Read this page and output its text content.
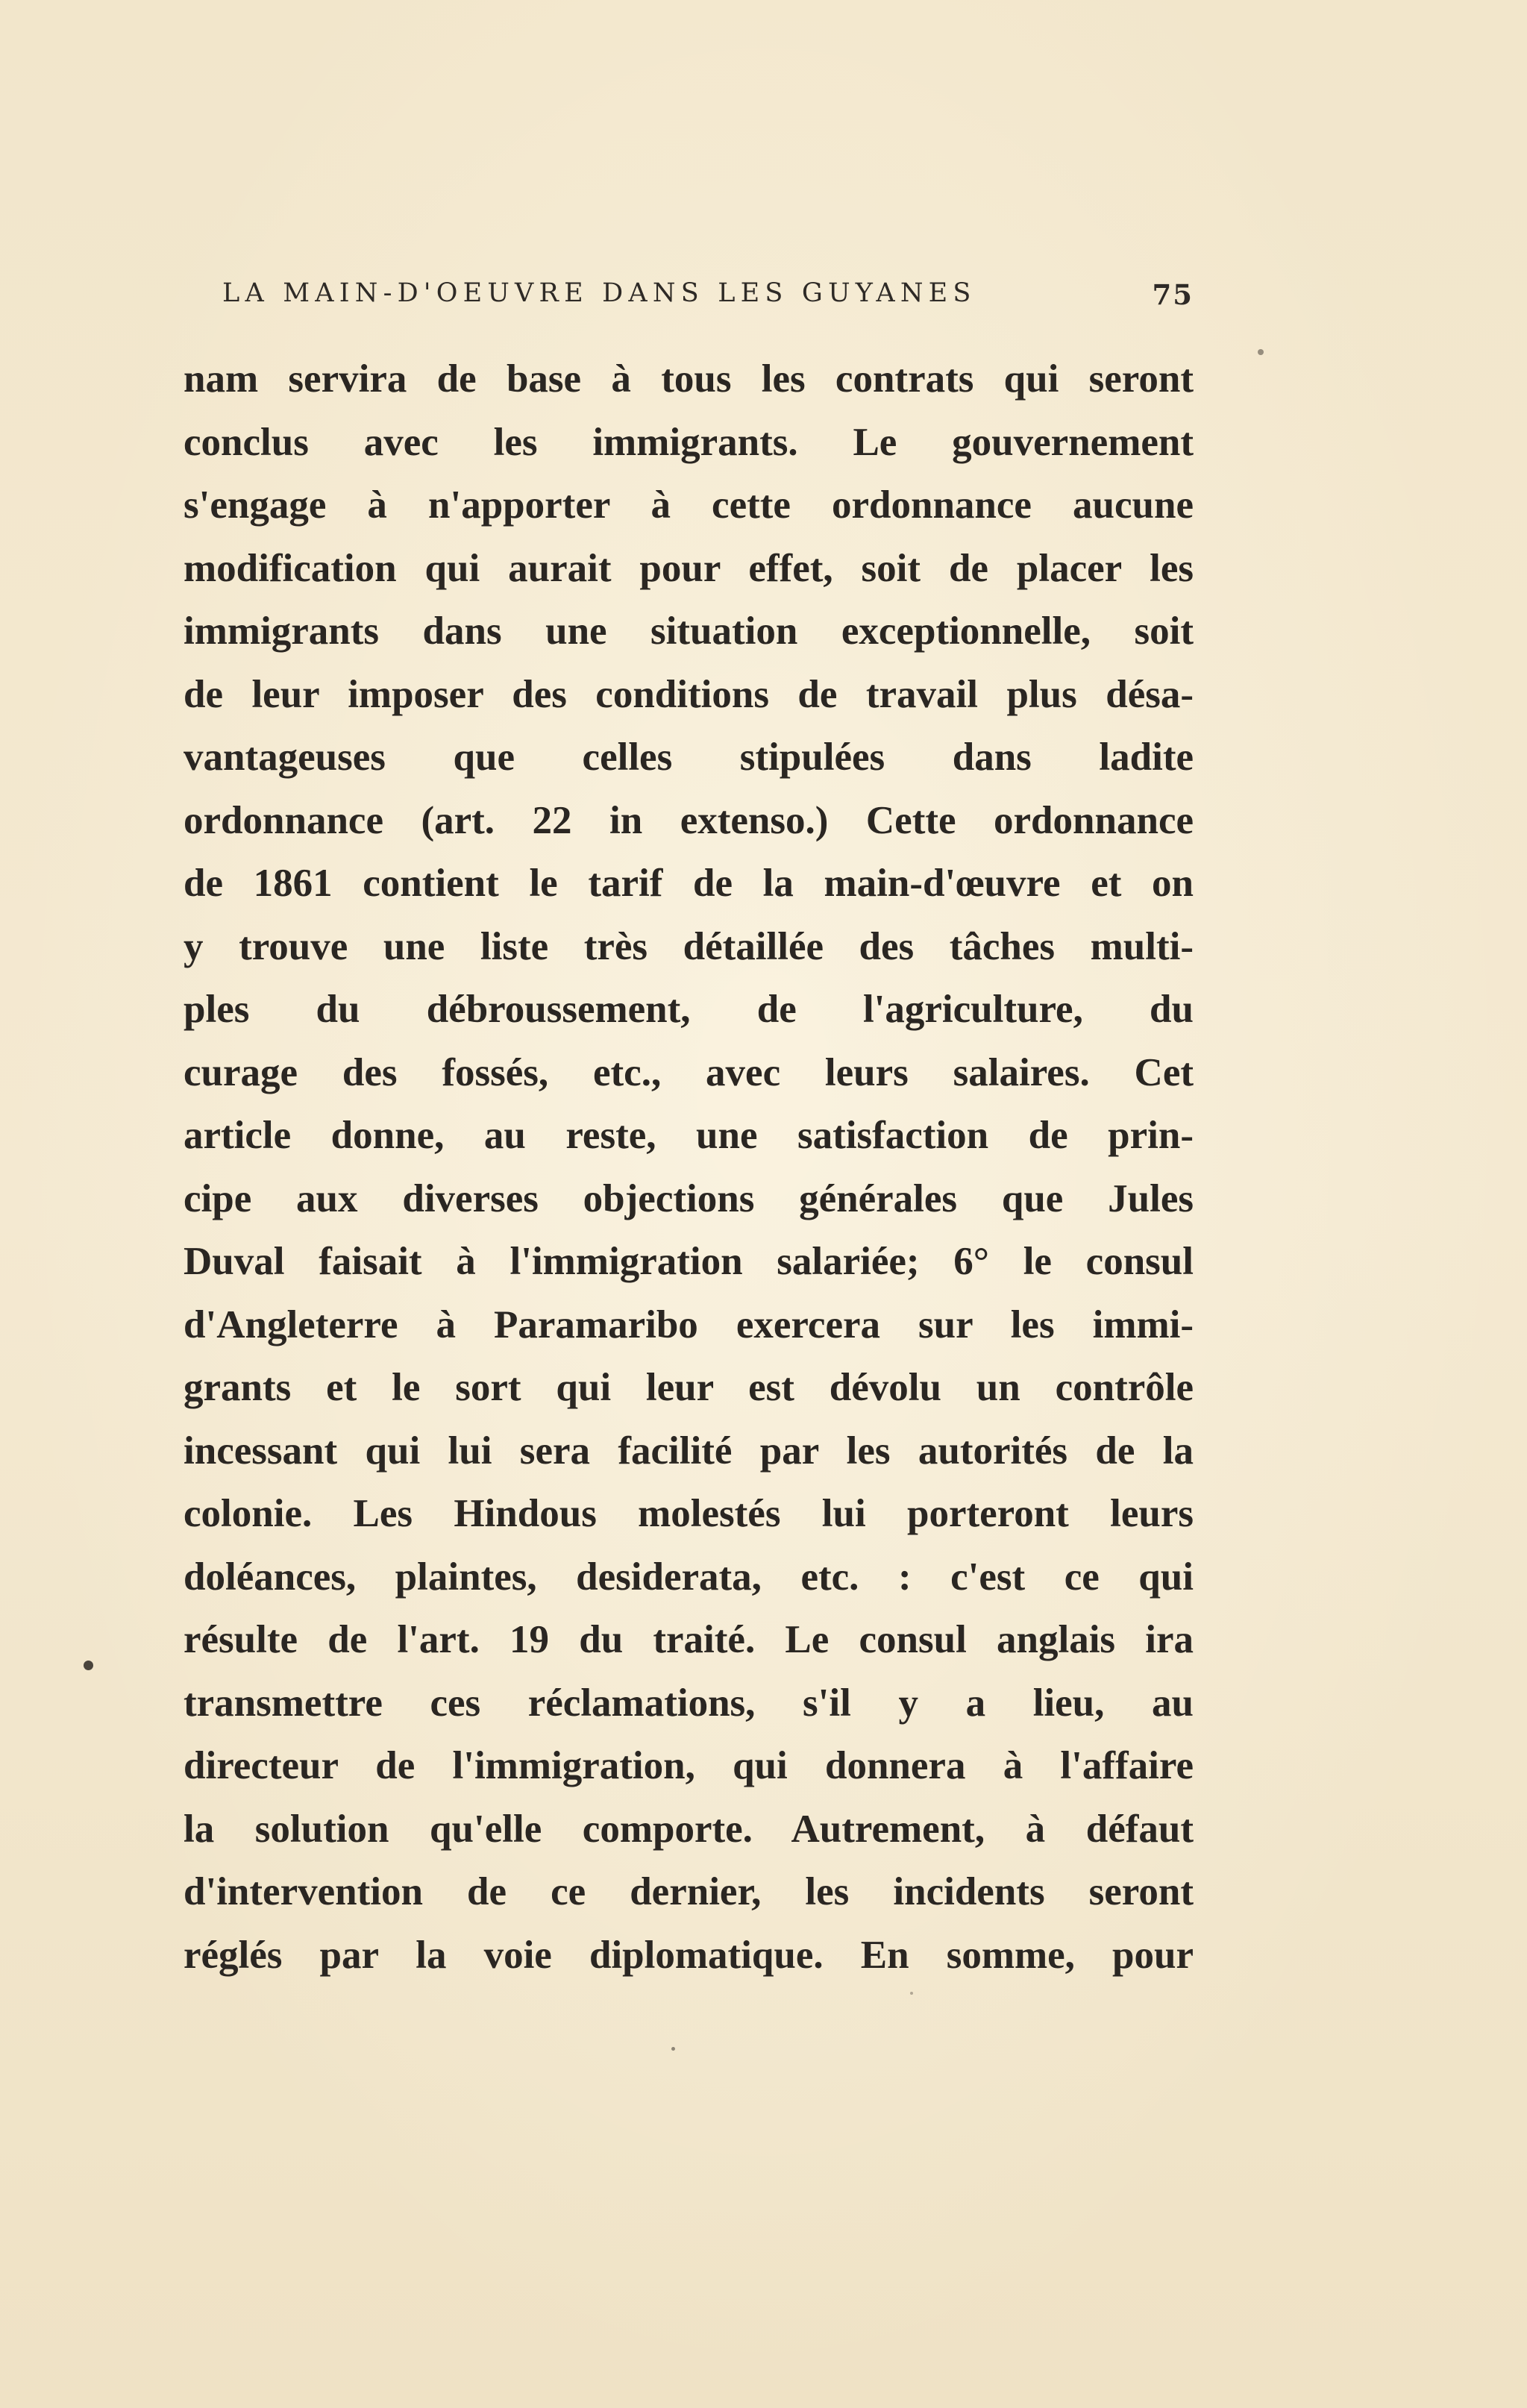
LA MAIN-D'OEUVRE DANS LES GUYANES	75
nam servira de base à tous les contrats qui seront
conclus avec les immigrants. Le gouvernement
s'engage à n'apporter à cette ordonnance aucune
modification qui aurait pour effet, soit de placer les
immigrants dans une situation exceptionnelle, soit
de leur imposer des conditions de travail plus désa-
vantageuses que celles stipulées dans ladite
ordonnance (art. 22 in extenso.) Cette ordonnance
de 1861 contient le tarif de la main-d'œuvre et on
y trouve une liste très détaillée des tâches multi-
ples du débroussement, de l'agriculture, du
curage des fossés, etc., avec leurs salaires. Cet
article donne, au reste, une satisfaction de prin-
cipe aux diverses objections générales que Jules
Duval faisait à l'immigration salariée; 6° le consul
d'Angleterre à Paramaribo exercera sur les immi-
grants et le sort qui leur est dévolu un contrôle
incessant qui lui sera facilité par les autorités de la
colonie. Les Hindous molestés lui porteront leurs
doléances, plaintes, desiderata, etc. : c'est ce qui
résulte de l'art. 19 du traité. Le consul anglais ira
transmettre ces réclamations, s'il y a lieu, au
directeur de l'immigration, qui donnera à l'affaire
la solution qu'elle comporte. Autrement, à défaut
d'intervention de ce dernier, les incidents seront
réglés par la voie diplomatique. En somme, pour
